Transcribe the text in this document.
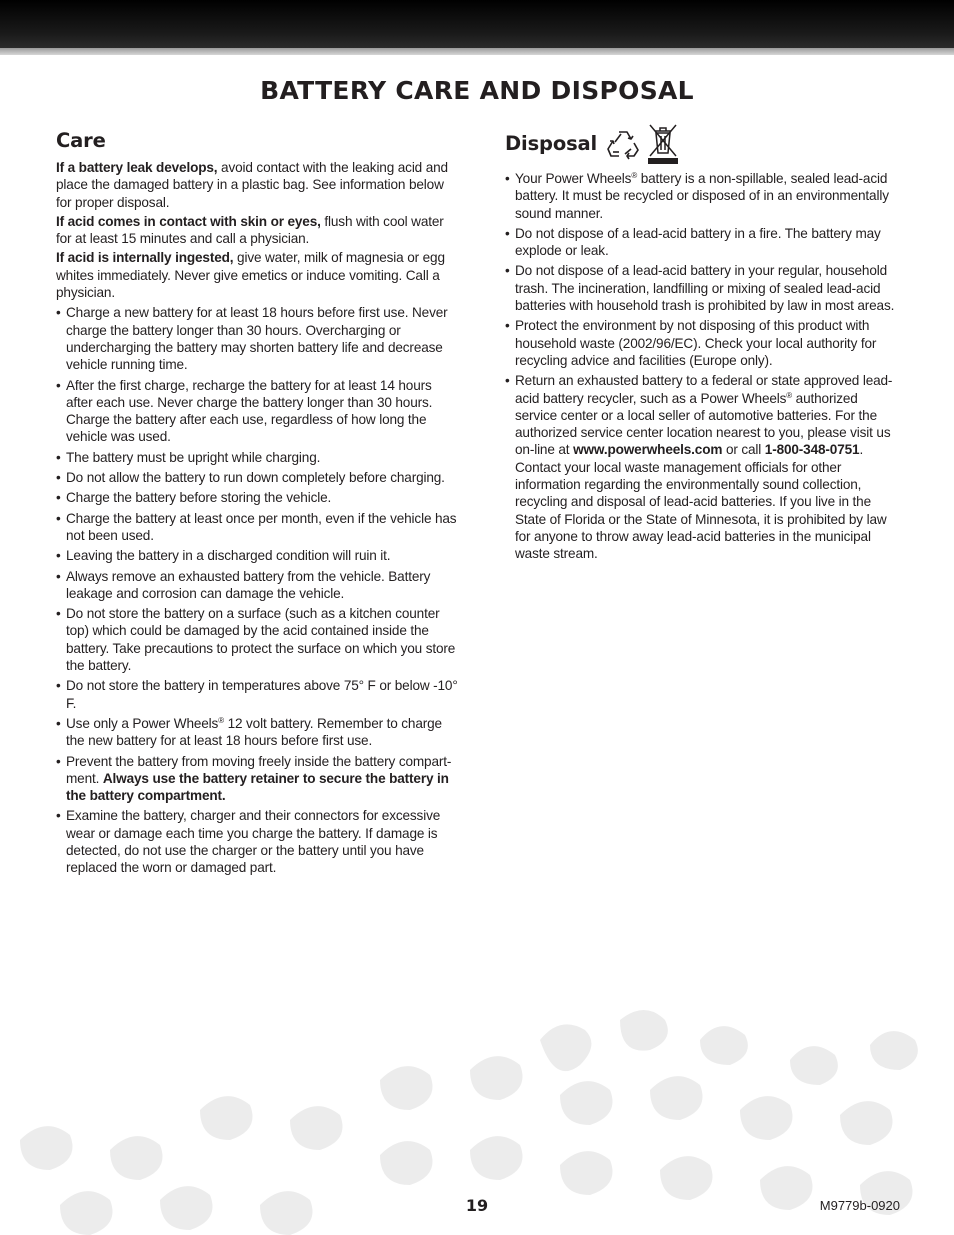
BATTERY CARE AND DISPOSAL
Care

If a battery leak develops, avoid contact with the leaking acid and place the damaged battery in a plastic bag. See information below for proper disposal.

If acid comes in contact with skin or eyes, flush with cool water for at least 15 minutes and call a physician.

If acid is internally ingested, give water, milk of magnesia or egg whites immediately. Never give emetics or induce vomiting. Call a physician.

• Charge a new battery for at least 18 hours before first use. Never charge the battery longer than 30 hours. Overcharging or undercharging the battery may shorten battery life and decrease vehicle running time.
• After the first charge, recharge the battery for at least 14 hours after each use. Never charge the battery longer than 30 hours. Charge the battery after each use, regardless of how long the vehicle was used.
• The battery must be upright while charging.
• Do not allow the battery to run down completely before charging.
• Charge the battery before storing the vehicle.
• Charge the battery at least once per month, even if the vehicle has not been used.
• Leaving the battery in a discharged condition will ruin it.
• Always remove an exhausted battery from the vehicle. Battery leakage and corrosion can damage the vehicle.
• Do not store the battery on a surface (such as a kitchen counter top) which could be damaged by the acid contained inside the battery. Take precautions to protect the surface on which you store the battery.
• Do not store the battery in temperatures above 75° F or below -10° F.
• Use only a Power Wheels® 12 volt battery. Remember to charge the new battery for at least 18 hours before first use.
• Prevent the battery from moving freely inside the battery compart-ment. Always use the battery retainer to secure the battery in the battery compartment.
• Examine the battery, charger and their connectors for excessive wear or damage each time you charge the battery. If damage is detected, do not use the charger or the battery until you have replaced the worn or damaged part.
Disposal
• Your Power Wheels® battery is a non-spillable, sealed lead-acid battery. It must be recycled or disposed of in an environmentally sound manner.
• Do not dispose of a lead-acid battery in a fire. The battery may explode or leak.
• Do not dispose of a lead-acid battery in your regular, household trash. The incineration, landfilling or mixing of sealed lead-acid batteries with household trash is prohibited by law in most areas.
• Protect the environment by not disposing of this product with household waste (2002/96/EC). Check your local authority for recycling advice and facilities (Europe only).
• Return an exhausted battery to a federal or state approved lead-acid battery recycler, such as a Power Wheels® authorized service center or a local seller of automotive batteries. For the authorized service center location nearest to you, please visit us on-line at www.powerwheels.com or call 1-800-348-0751. Contact your local waste management officials for other information regarding the environmentally sound collection, recycling and disposal of lead-acid batteries. If you live in the State of Florida or the State of Minnesota, it is prohibited by law for anyone to throw away lead-acid batteries in the municipal waste stream.
19	M9779b-0920
